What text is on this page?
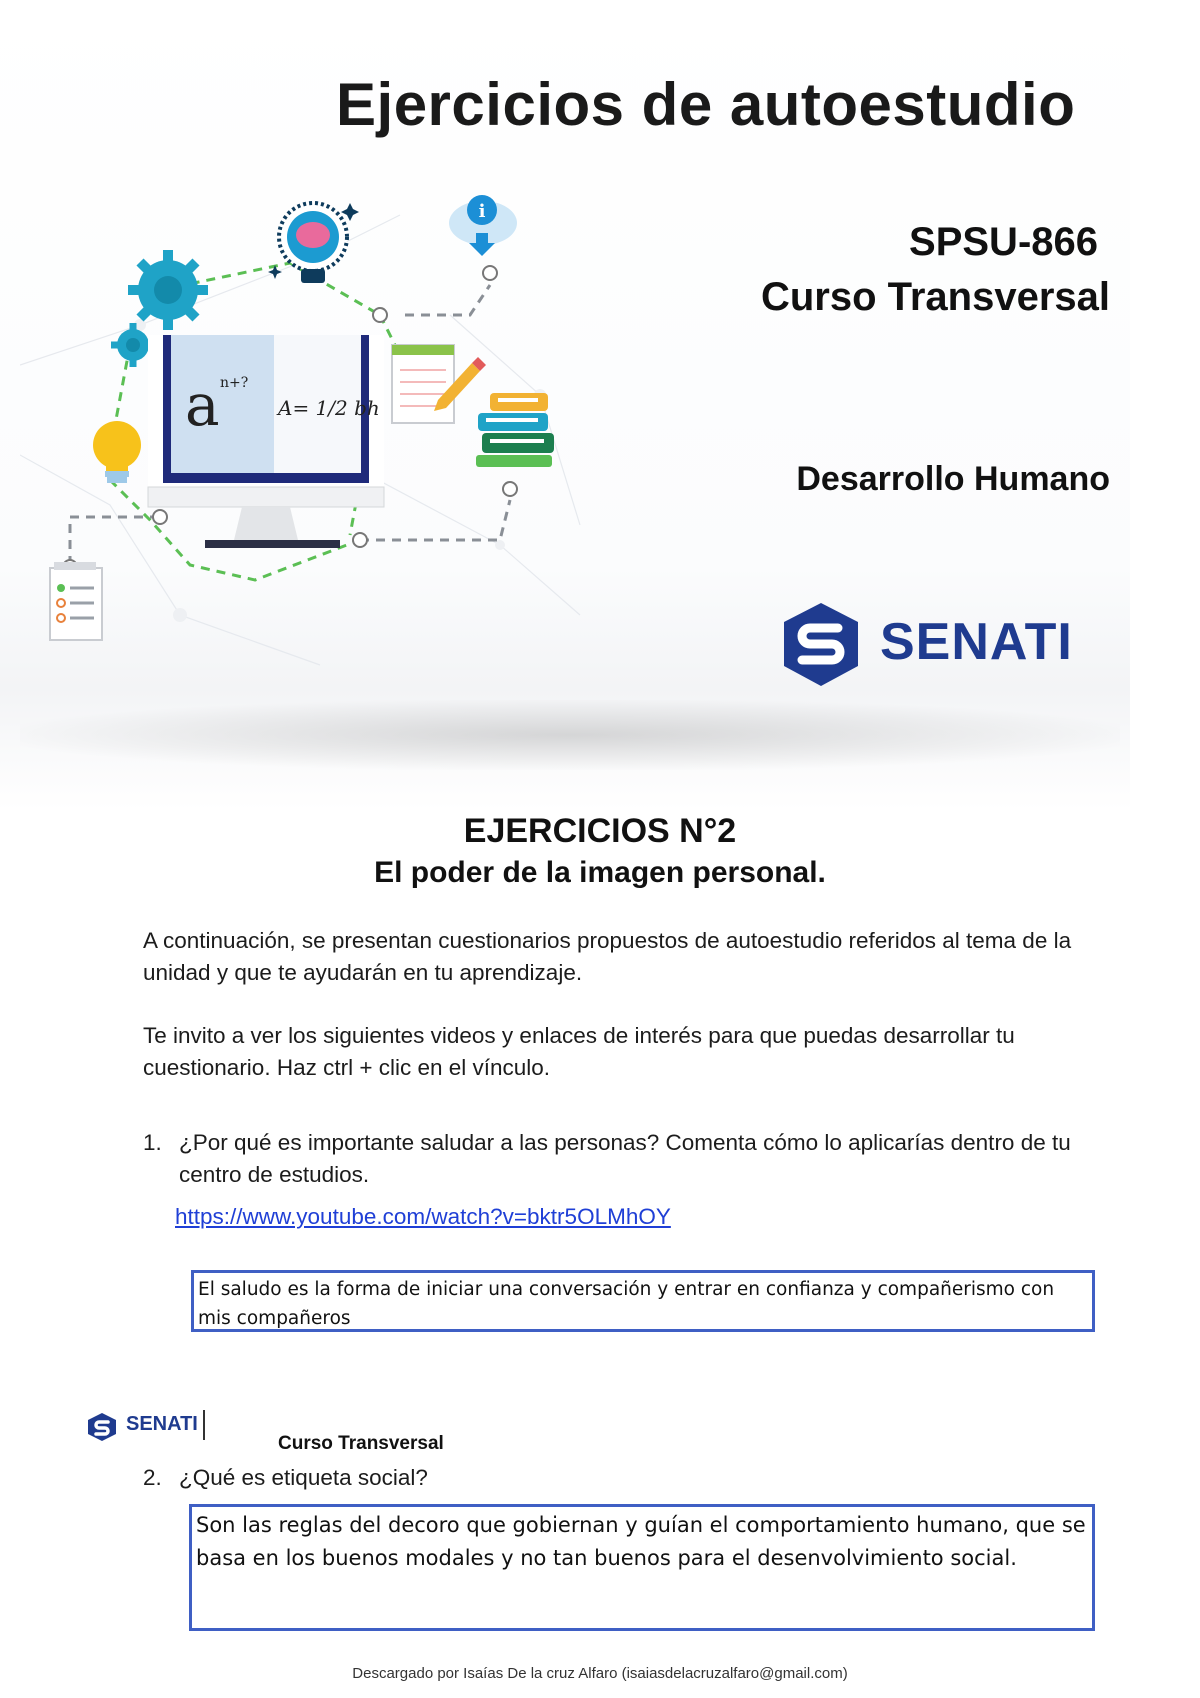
i
a n+?
A= 1/2 bh
Ejercicios de autoestudio
SPSU-866
Curso Transversal
Desarrollo Humano
SENATI
EJERCICIOS N°2
El poder de la imagen personal.
A continuación, se presentan cuestionarios propuestos de autoestudio referidos al tema de la unidad y que te ayudarán en tu aprendizaje.
Te invito a ver los siguientes videos y enlaces de interés para que puedas desarrollar tu cuestionario. Haz ctrl + clic en el vínculo.
1. ¿Por qué es importante saludar a las personas? Comenta cómo lo aplicarías dentro de tu centro de estudios.
https://www.youtube.com/watch?v=bktr5OLMhOY
El saludo es la forma de iniciar una conversación y entrar en confianza y compañerismo con mis compañeros
SENATI
Curso Transversal
2. ¿Qué es etiqueta social?
Son las reglas del decoro que gobiernan y guían el comportamiento humano, que se basa en los buenos modales y no tan buenos para el desenvolvimiento social.
Descargado por Isaías De la cruz Alfaro (isaiasdelacruzalfaro@gmail.com)
